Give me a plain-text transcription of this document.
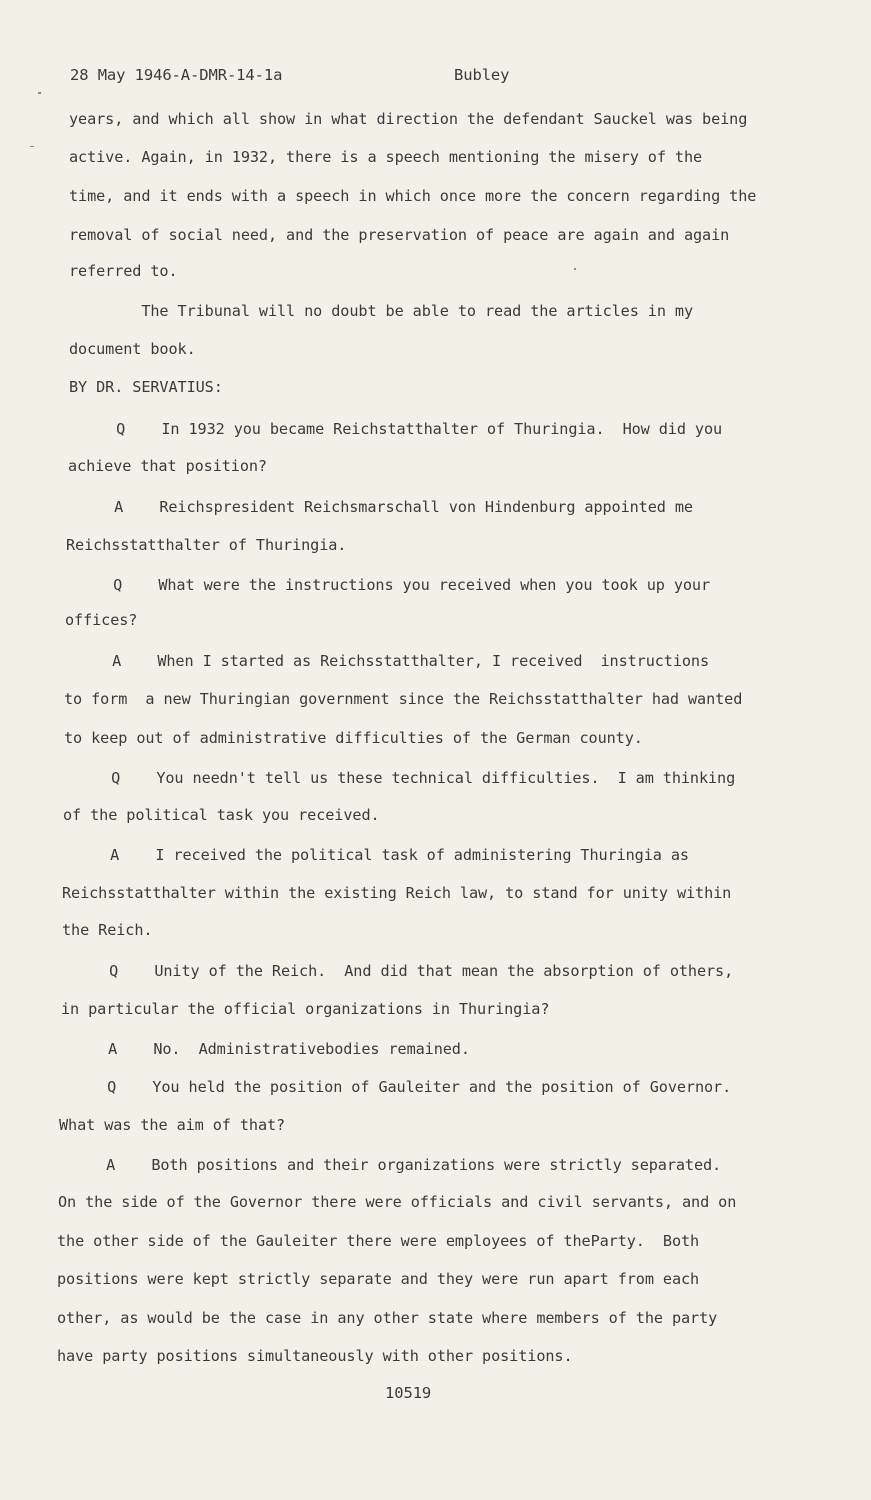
28 May 1946-A-DMR-14-1a	Bubley
years, and which all show in what direction the defendant Sauckel was being
active. Again, in 1932, there is a speech mentioning the misery of the
time, and it ends with a speech in which once more the concern regarding the
removal of social need, and the preservation of peace are again and again
referred to.
The Tribunal will no doubt be able to read the articles in my
document book.
BY DR. SERVATIUS:
Q    In 1932 you became Reichstatthalter of Thuringia.  How did you
achieve that position?
A    Reichspresident Reichsmarschall von Hindenburg appointed me
Reichsstatthalter of Thuringia.
Q    What were the instructions you received when you took up your
offices?
A    When I started as Reichsstatthalter, I received  instructions
to form  a new Thuringian government since the Reichsstatthalter had wanted
to keep out of administrative difficulties of the German county.
Q    You needn't tell us these technical difficulties.  I am thinking
of the political task you received.
A    I received the political task of administering Thuringia as
Reichsstatthalter within the existing Reich law, to stand for unity within
the Reich.
Q    Unity of the Reich.  And did that mean the absorption of others,
in particular the official organizations in Thuringia?
A    No.  Administrativebodies remained.
Q    You held the position of Gauleiter and the position of Governor.
What was the aim of that?
A    Both positions and their organizations were strictly separated.
On the side of the Governor there were officials and civil servants, and on
the other side of the Gauleiter there were employees of theParty.  Both
positions were kept strictly separate and they were run apart from each
other, as would be the case in any other state where members of the party
have party positions simultaneously with other positions.
10519
